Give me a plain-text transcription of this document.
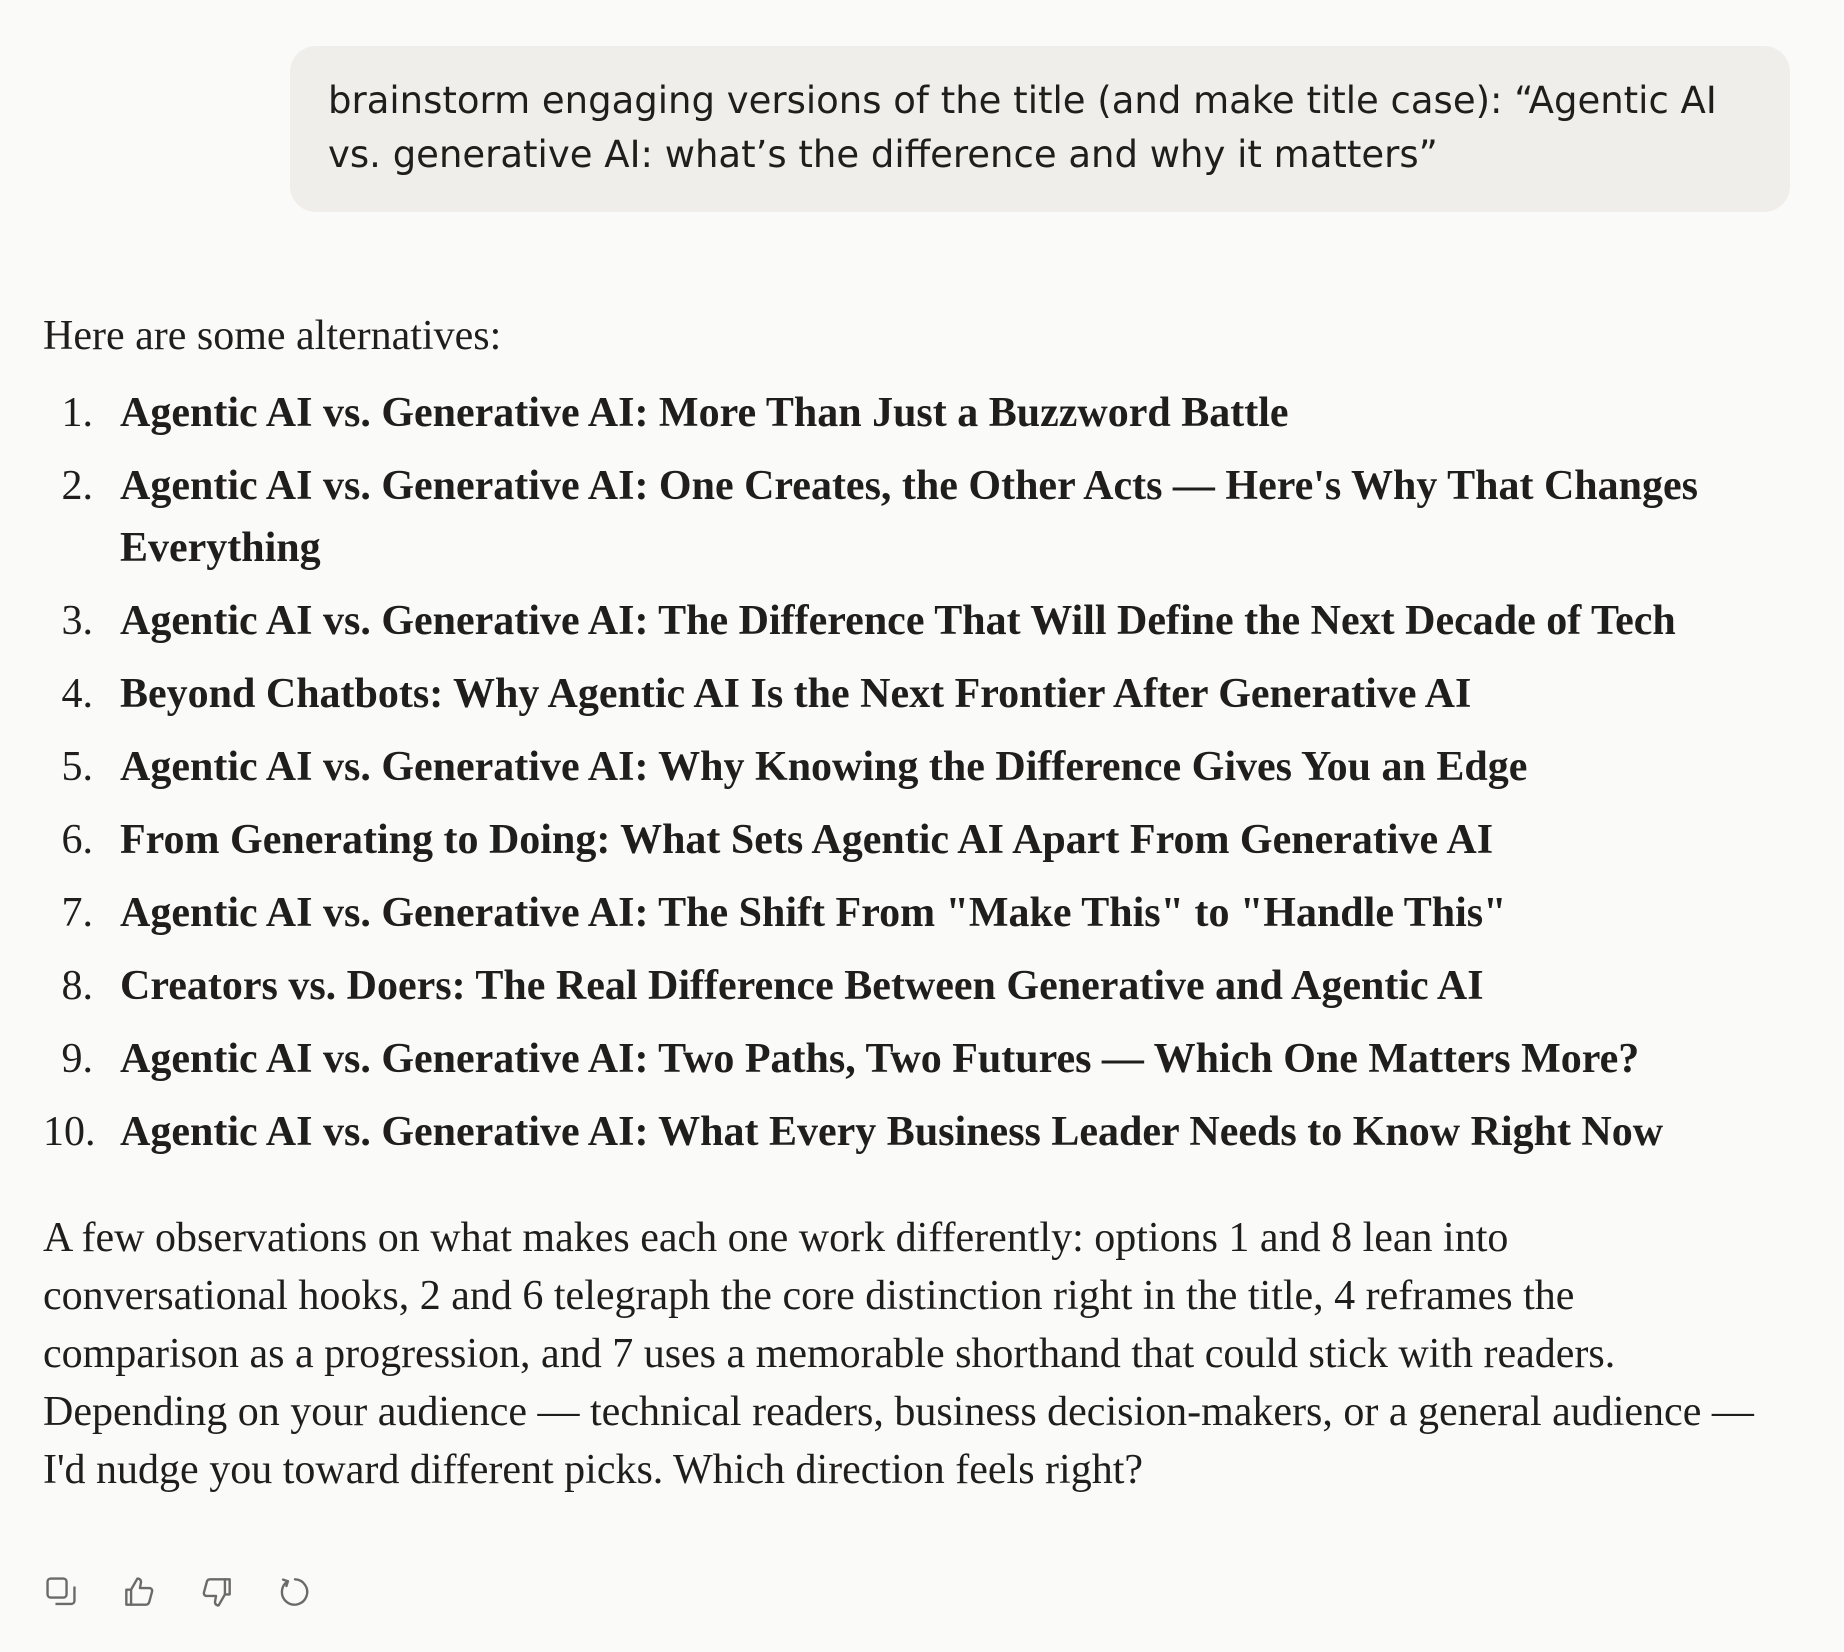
brainstorm engaging versions of the title (and make title case): “Agentic AI vs. generative AI: what’s the difference and why it matters”

Here are some alternatives:

1. Agentic AI vs. Generative AI: More Than Just a Buzzword Battle
2. Agentic AI vs. Generative AI: One Creates, the Other Acts — Here's Why That Changes Everything
3. Agentic AI vs. Generative AI: The Difference That Will Define the Next Decade of Tech
4. Beyond Chatbots: Why Agentic AI Is the Next Frontier After Generative AI
5. Agentic AI vs. Generative AI: Why Knowing the Difference Gives You an Edge
6. From Generating to Doing: What Sets Agentic AI Apart From Generative AI
7. Agentic AI vs. Generative AI: The Shift From "Make This" to "Handle This"
8. Creators vs. Doers: The Real Difference Between Generative and Agentic AI
9. Agentic AI vs. Generative AI: Two Paths, Two Futures — Which One Matters More?
10. Agentic AI vs. Generative AI: What Every Business Leader Needs to Know Right Now

A few observations on what makes each one work differently: options 1 and 8 lean into conversational hooks, 2 and 6 telegraph the core distinction right in the title, 4 reframes the comparison as a progression, and 7 uses a memorable shorthand that could stick with readers. Depending on your audience — technical readers, business decision-makers, or a general audience — I'd nudge you toward different picks. Which direction feels right?
